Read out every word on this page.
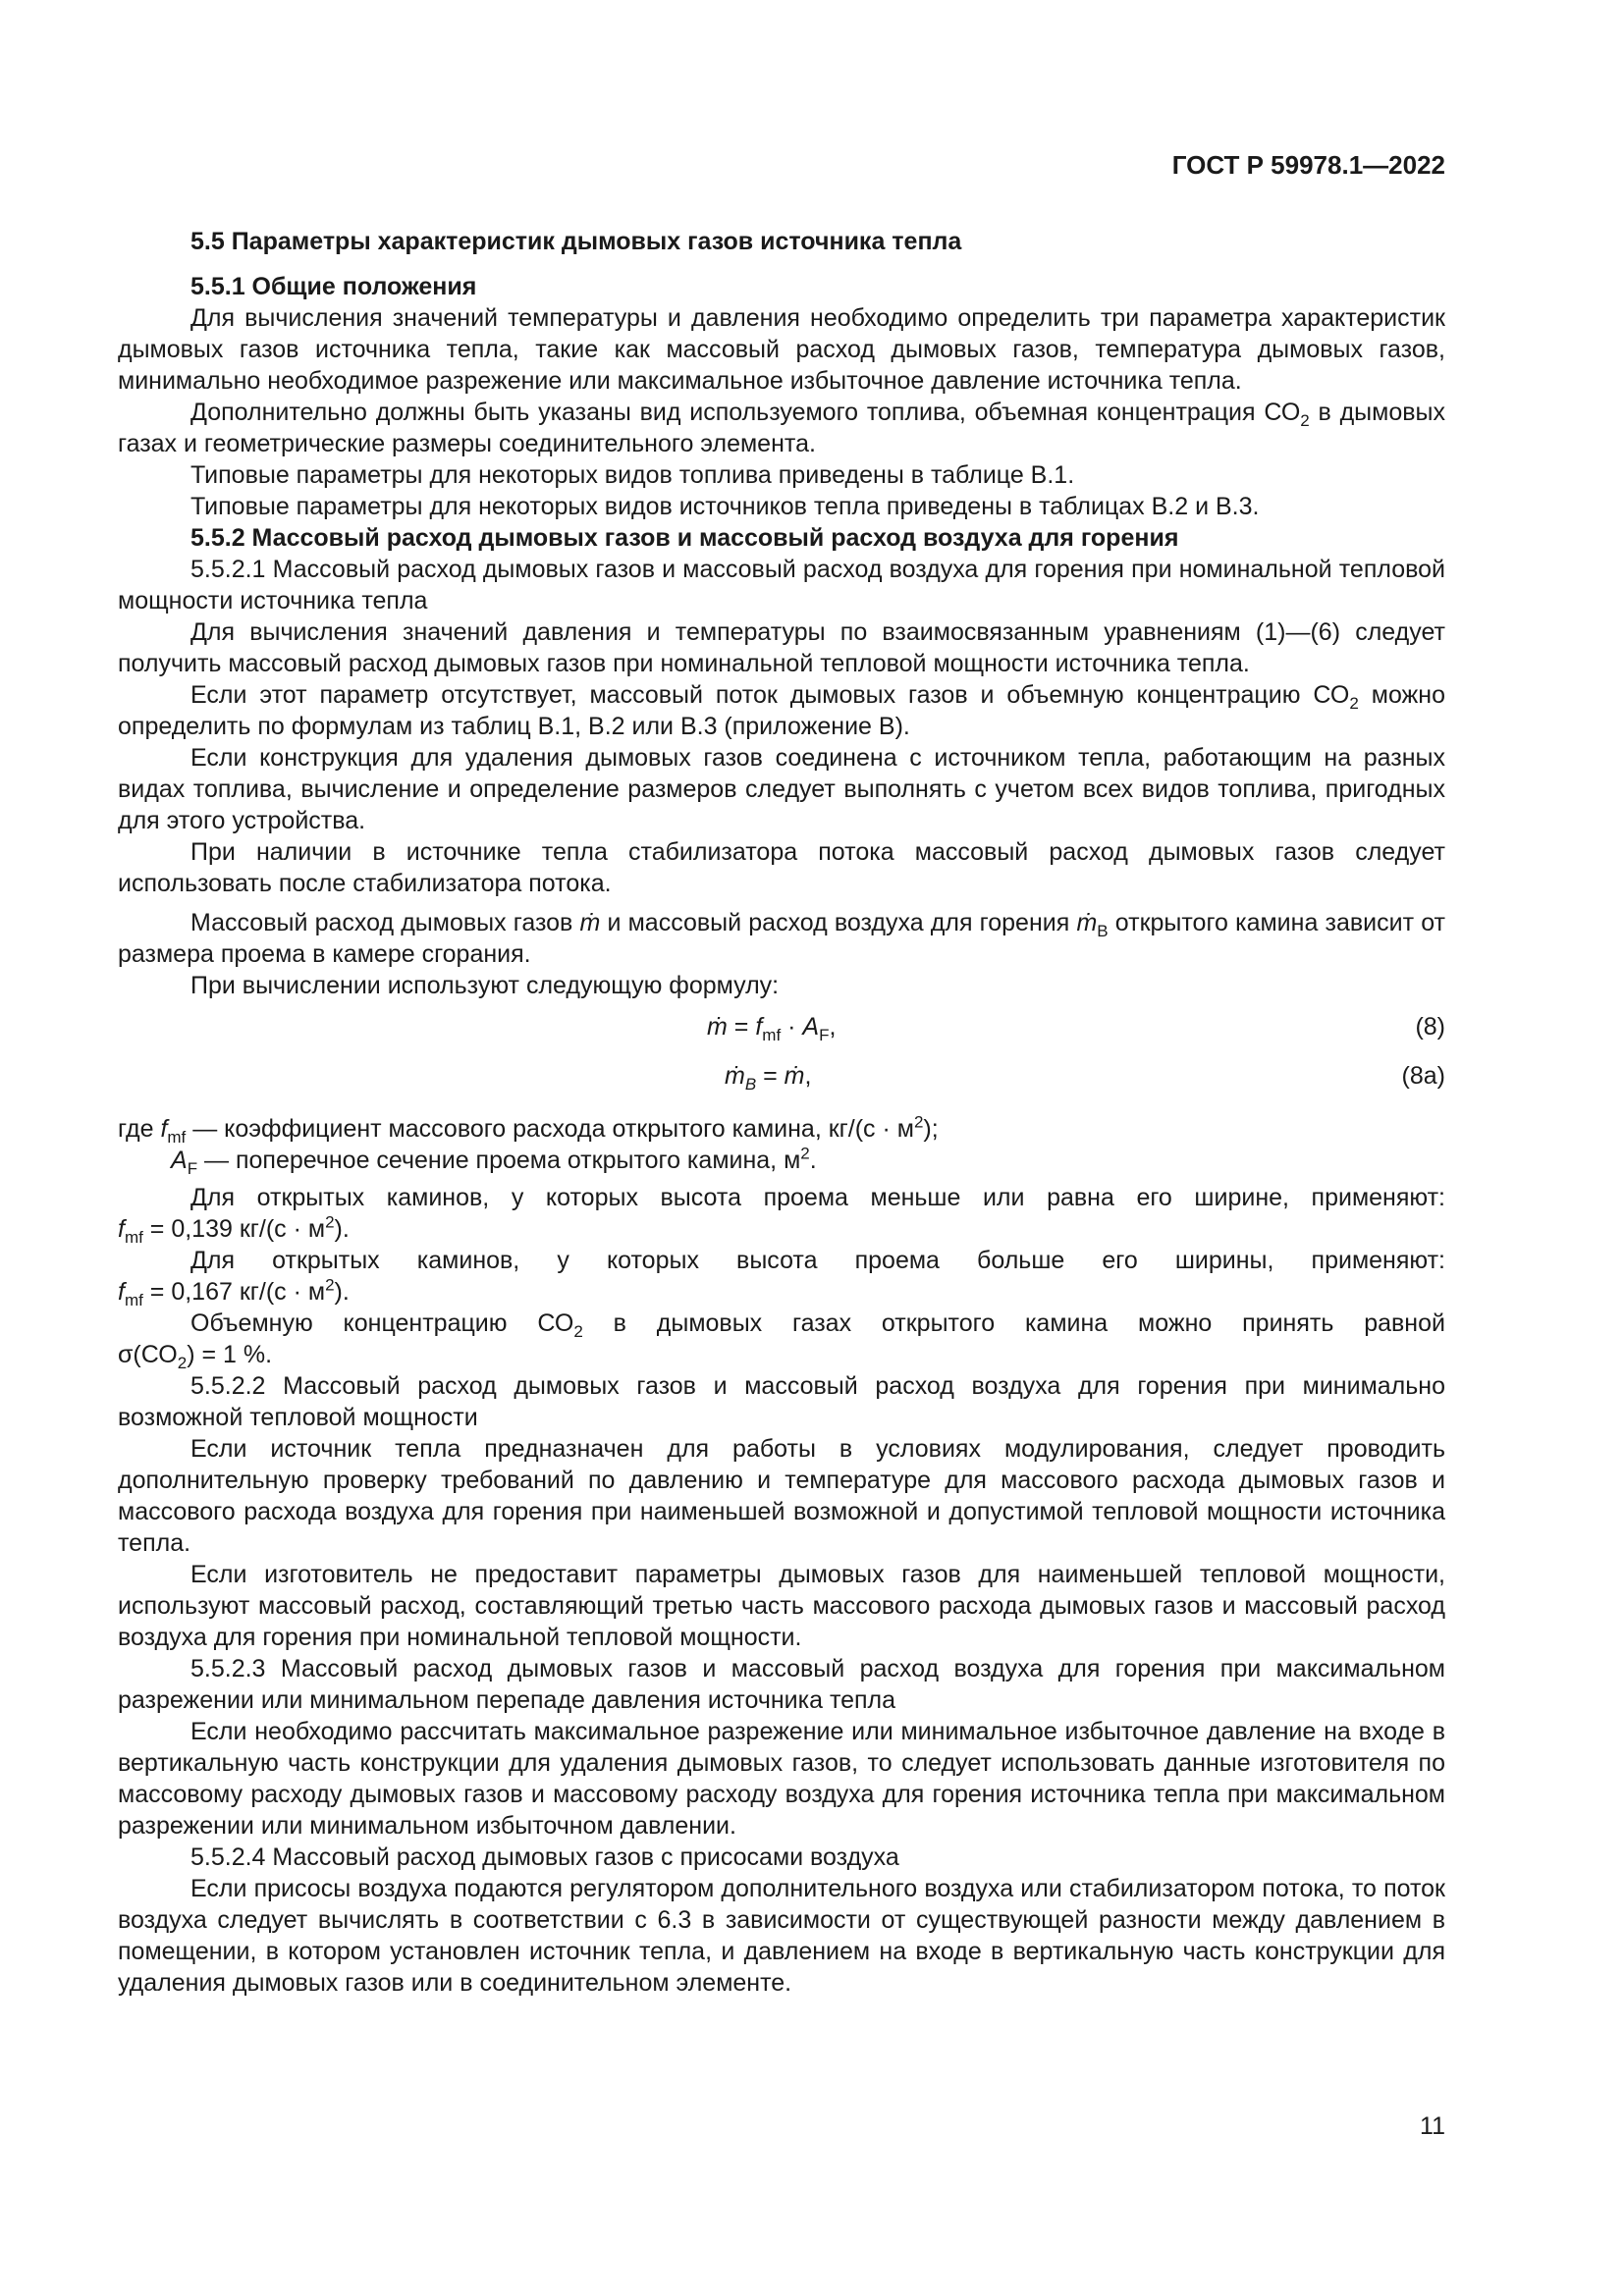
ГОСТ Р 59978.1—2022

5.5 Параметры характеристик дымовых газов источника тепла

5.5.1 Общие положения

Для вычисления значений температуры и давления необходимо определить три параметра характеристик дымовых газов источника тепла, такие как массовый расход дымовых газов, температура дымовых газов, минимально необходимое разрежение или максимальное избыточное давление источника тепла.

Дополнительно должны быть указаны вид используемого топлива, объемная концентрация $СО_2$ в дымовых газах и геометрические размеры соединительного элемента.

Типовые параметры для некоторых видов топлива приведены в таблице В.1.

Типовые параметры для некоторых видов источников тепла приведены в таблицах В.2 и В.3.

5.5.2 Массовый расход дымовых газов и массовый расход воздуха для горения

5.5.2.1 Массовый расход дымовых газов и массовый расход воздуха для горения при номинальной тепловой мощности источника тепла

Для вычисления значений давления и температуры по взаимосвязанным уравнениям (1)—(6) следует получить массовый расход дымовых газов при номинальной тепловой мощности источника тепла.

Если этот параметр отсутствует, массовый поток дымовых газов и объемную концентрацию $СО_2$ можно определить по формулам из таблиц В.1, В.2 или В.3 (приложение В).

Если конструкция для удаления дымовых газов соединена с источником тепла, работающим на разных видах топлива, вычисление и определение размеров следует выполнять с учетом всех видов топлива, пригодных для этого устройства.

При наличии в источнике тепла стабилизатора потока массовый расход дымовых газов следует использовать после стабилизатора потока.

Массовый расход дымовых газов ṁ и массовый расход воздуха для горения ṁ$_B$ открытого камина зависит от размера проема в камере сгорания.

При вычислении используют следующую формулу:

ṁ = $f_{mf} \cdot A_F$,	(8)
ṁ$_B$ = ṁ,	(8a)

где $f_{mf}$ — коэффициент массового расхода открытого камина, $кг/(с \cdot м^2)$;

$A_F$ — поперечное сечение проема открытого камина, $м^2$.

Для открытых каминов, у которых высота проема меньше или равна его ширине, применяют:

$f_{mf} = 0,139$ $кг/(с \cdot м^2)$.

Для открытых каминов, у которых высота проема больше его ширины, применяют:

$f_{mf} = 0,167$ $кг/(с \cdot м^2)$.

Объемную концентрацию $СО_2$ в дымовых газах открытого камина можно принять равной

$\sigma(СО_2) = 1$ %.

5.5.2.2 Массовый расход дымовых газов и массовый расход воздуха для горения при минимально возможной тепловой мощности

Если источник тепла предназначен для работы в условиях модулирования, следует проводить дополнительную проверку требований по давлению и температуре для массового расхода дымовых газов и массового расхода воздуха для горения при наименьшей возможной и допустимой тепловой мощности источника тепла.

Если изготовитель не предоставит параметры дымовых газов для наименьшей тепловой мощности, используют массовый расход, составляющий третью часть массового расхода дымовых газов и массовый расход воздуха для горения при номинальной тепловой мощности.

5.5.2.3 Массовый расход дымовых газов и массовый расход воздуха для горения при максимальном разрежении или минимальном перепаде давления источника тепла

Если необходимо рассчитать максимальное разрежение или минимальное избыточное давление на входе в вертикальную часть конструкции для удаления дымовых газов, то следует использовать данные изготовителя по массовому расходу дымовых газов и массовому расходу воздуха для горения источника тепла при максимальном разрежении или минимальном избыточном давлении.

5.5.2.4 Массовый расход дымовых газов с присосами воздуха

Если присосы воздуха подаются регулятором дополнительного воздуха или стабилизатором потока, то поток воздуха следует вычислять в соответствии с 6.3 в зависимости от существующей разности между давлением в помещении, в котором установлен источник тепла, и давлением на входе в вертикальную часть конструкции для удаления дымовых газов или в соединительном элементе.

11
